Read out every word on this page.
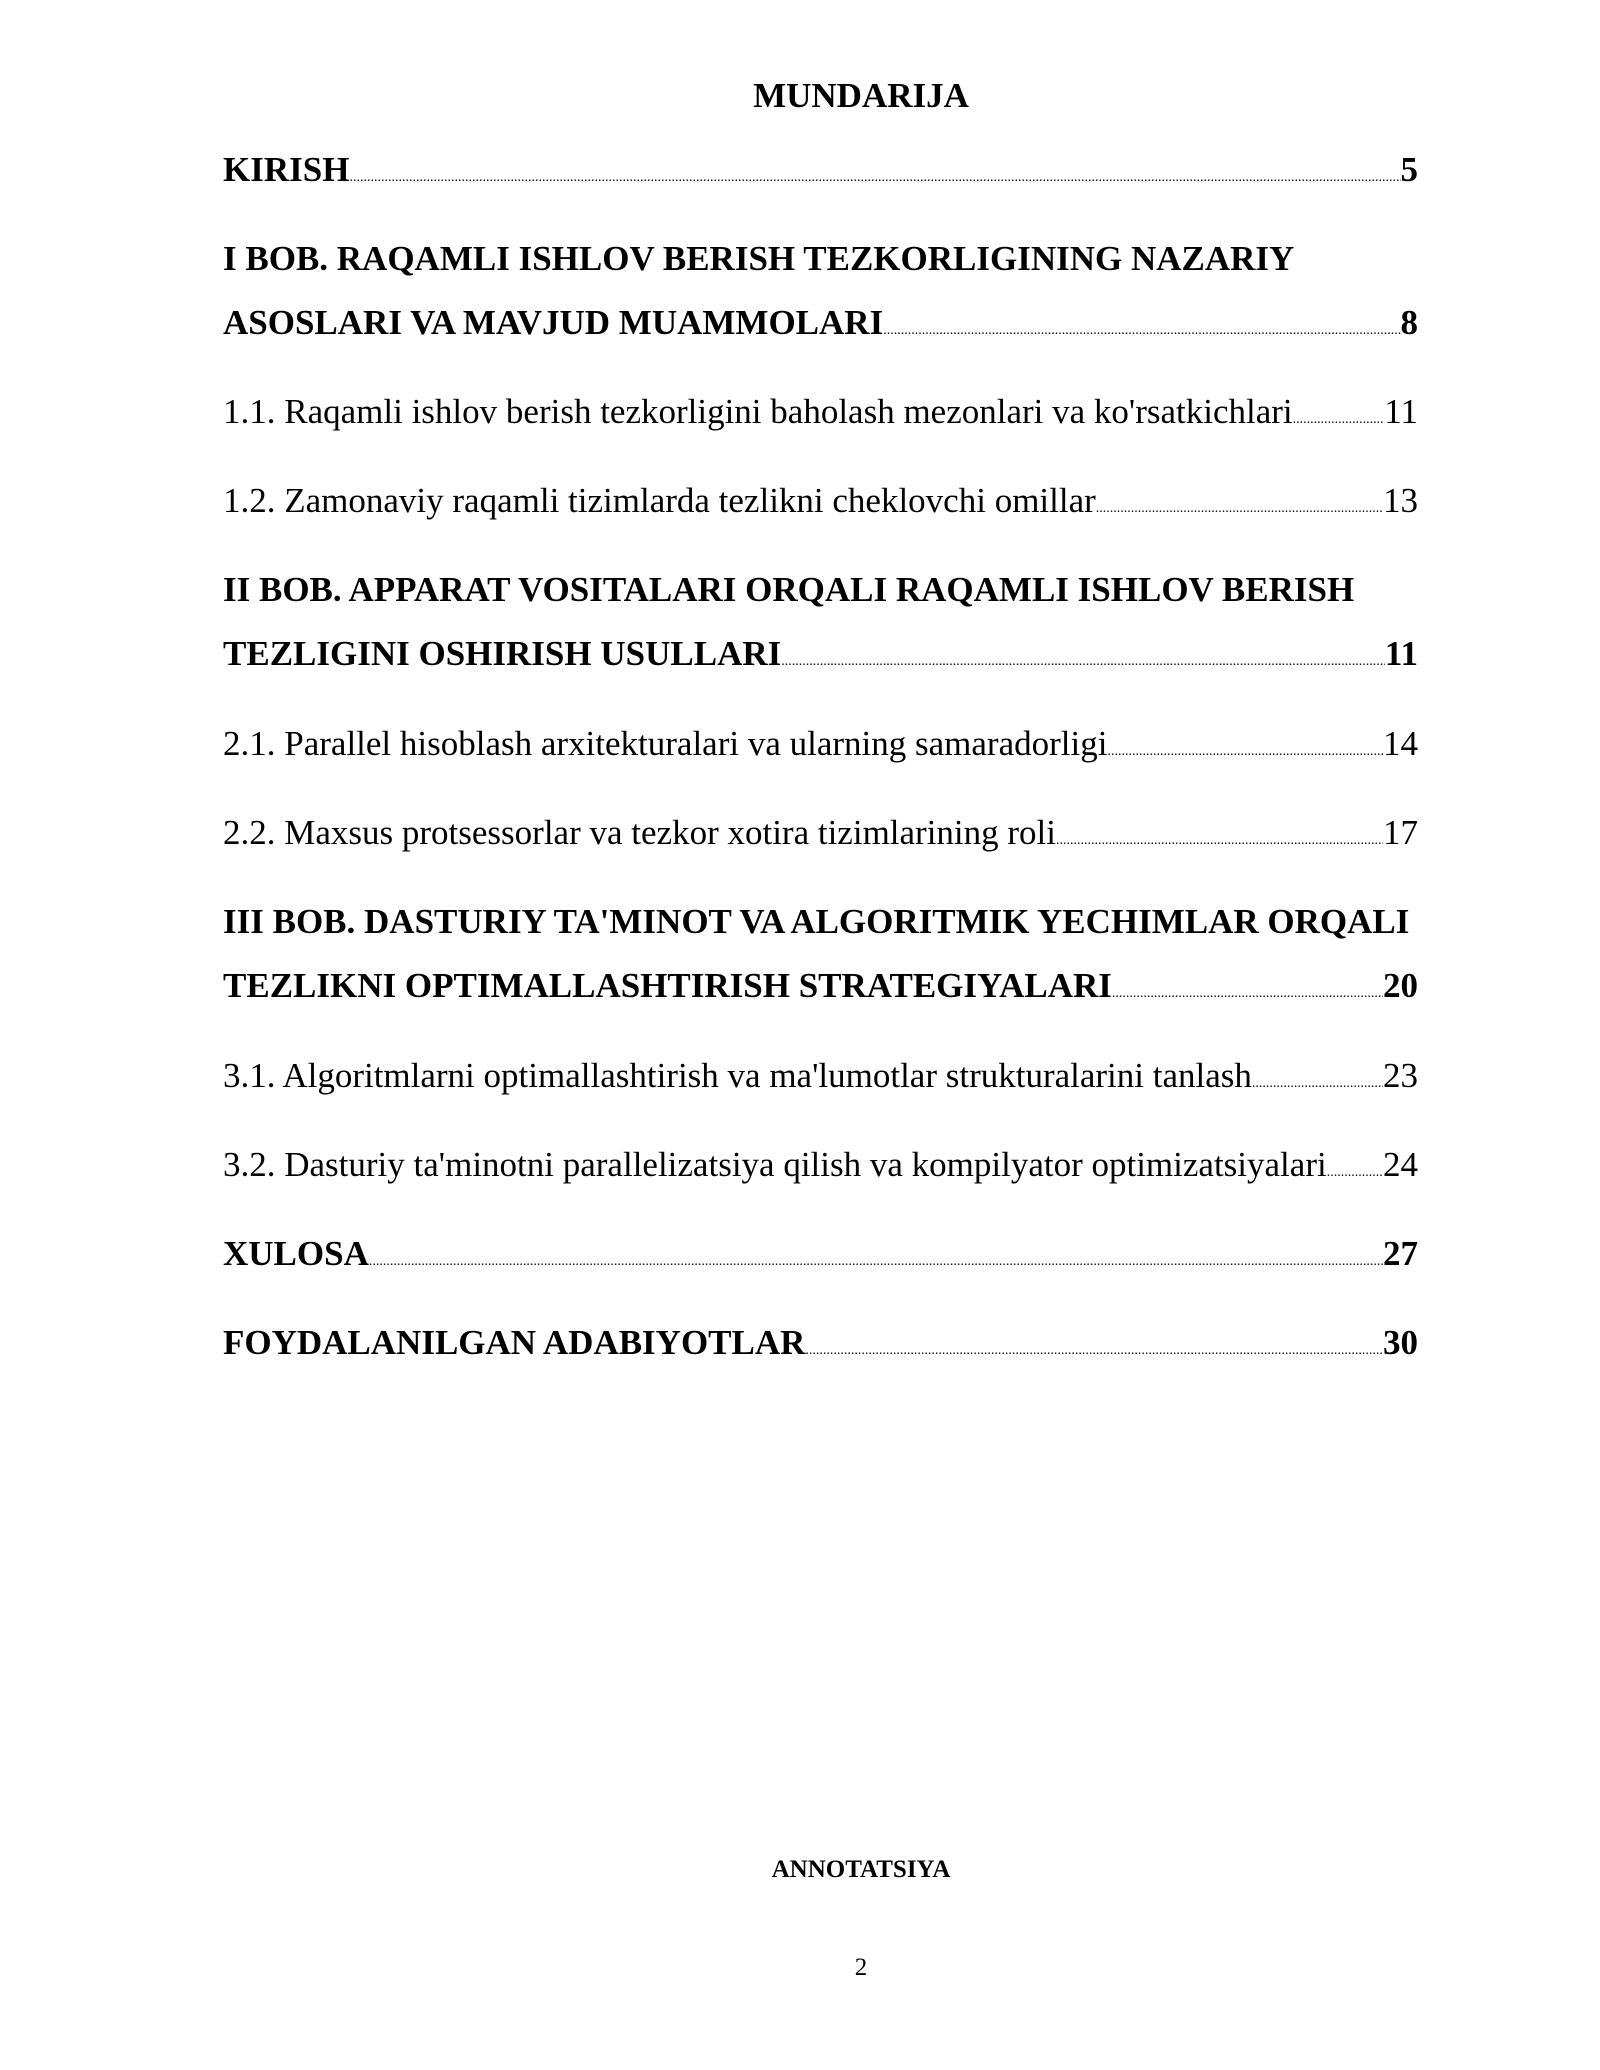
MUNDARIJA
KIRISH .....	5
I BOB. RAQAMLI ISHLOV BERISH TEZKORLIGINING NAZARIY
ASOSLARI VA MAVJUD MUAMMOLARI .....	8
1.1. Raqamli ishlov berish tezkorligini baholash mezonlari va ko'rsatkichlari .....	11
1.2. Zamonaviy raqamli tizimlarda tezlikni cheklovchi omillar .....	13
II BOB. APPARAT VOSITALARI ORQALI RAQAMLI ISHLOV BERISH
TEZLIGINI OSHIRISH USULLARI .....	11
2.1. Parallel hisoblash arxitekturalari va ularning samaradorligi .....	14
2.2. Maxsus protsessorlar va tezkor xotira tizimlarining roli .....	17
III BOB. DASTURIY TA'MINOT VA ALGORITMIK YECHIMLAR ORQALI
TEZLIKNI OPTIMALLASHTIRISH STRATEGIYALARI .....	20
3.1. Algoritmlarni optimallashtirish va ma'lumotlar strukturalarini tanlash .....	23
3.2. Dasturiy ta'minotni parallelizatsiya qilish va kompilyator optimizatsiyalari ..... 24
XULOSA .....	27
FOYDALANILGAN ADABIYOTLAR .....	30
ANNOTATSIYA
2
